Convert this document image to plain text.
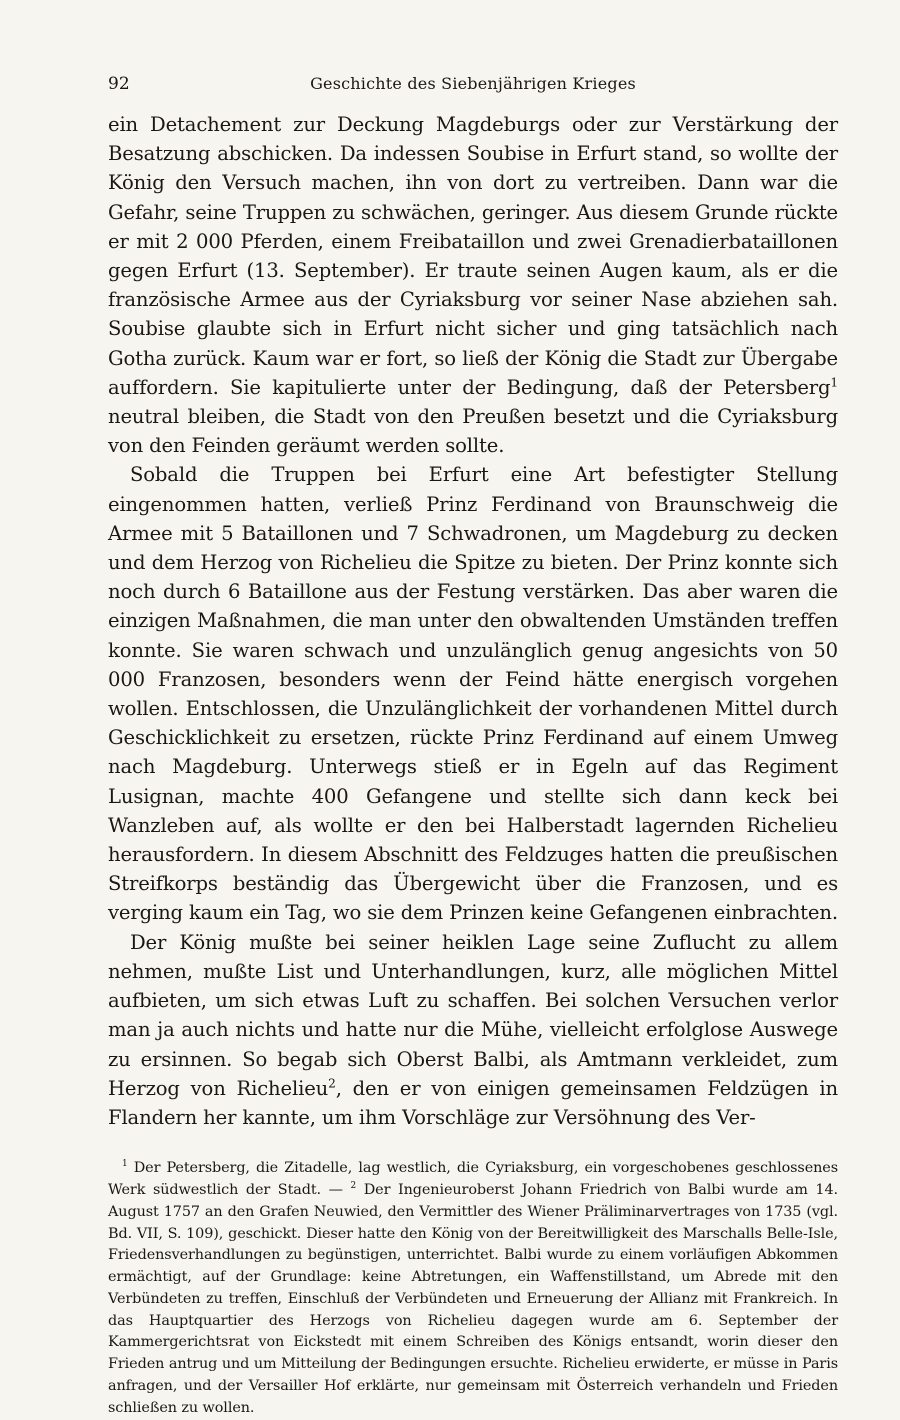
92	Geschichte des Siebenjährigen Krieges

ein Detachement zur Deckung Magdeburgs oder zur Verstärkung der Besatzung abschicken. Da indessen Soubise in Erfurt stand, so wollte der König den Versuch machen, ihn von dort zu vertreiben. Dann war die Gefahr, seine Truppen zu schwächen, geringer. Aus diesem Grunde rückte er mit 2 000 Pferden, einem Freibataillon und zwei Grenadierbataillonen gegen Erfurt (13. September). Er traute seinen Augen kaum, als er die französische Armee aus der Cyriaksburg vor seiner Nase abziehen sah. Soubise glaubte sich in Erfurt nicht sicher und ging tatsächlich nach Gotha zurück. Kaum war er fort, so ließ der König die Stadt zur Übergabe auffordern. Sie kapitulierte unter der Bedingung, daß der Petersberg$^1$ neutral bleiben, die Stadt von den Preußen besetzt und die Cyriaksburg von den Feinden geräumt werden sollte.

Sobald die Truppen bei Erfurt eine Art befestigter Stellung eingenommen hatten, verließ Prinz Ferdinand von Braunschweig die Armee mit 5 Bataillonen und 7 Schwadronen, um Magdeburg zu decken und dem Herzog von Richelieu die Spitze zu bieten. Der Prinz konnte sich noch durch 6 Bataillone aus der Festung verstärken. Das aber waren die einzigen Maßnahmen, die man unter den obwaltenden Umständen treffen konnte. Sie waren schwach und unzulänglich genug angesichts von 50 000 Franzosen, besonders wenn der Feind hätte energisch vorgehen wollen. Entschlossen, die Unzulänglichkeit der vorhandenen Mittel durch Geschicklichkeit zu ersetzen, rückte Prinz Ferdinand auf einem Umweg nach Magdeburg. Unterwegs stieß er in Egeln auf das Regiment Lusignan, machte 400 Gefangene und stellte sich dann keck bei Wanzleben auf, als wollte er den bei Halberstadt lagernden Richelieu herausfordern. In diesem Abschnitt des Feldzuges hatten die preußischen Streifkorps beständig das Übergewicht über die Franzosen, und es verging kaum ein Tag, wo sie dem Prinzen keine Gefangenen einbrachten.

Der König mußte bei seiner heiklen Lage seine Zuflucht zu allem nehmen, mußte List und Unterhandlungen, kurz, alle möglichen Mittel aufbieten, um sich etwas Luft zu schaffen. Bei solchen Versuchen verlor man ja auch nichts und hatte nur die Mühe, vielleicht erfolglose Auswege zu ersinnen. So begab sich Oberst Balbi, als Amtmann verkleidet, zum Herzog von Richelieu$^2$, den er von einigen gemeinsamen Feldzügen in Flandern her kannte, um ihm Vorschläge zur Versöhnung des Ver-

$^1$ Der Petersberg, die Zitadelle, lag westlich, die Cyriaksburg, ein vorgeschobenes geschlossenes Werk südwestlich der Stadt. — $^2$ Der Ingenieuroberst Johann Friedrich von Balbi wurde am 14. August 1757 an den Grafen Neuwied, den Vermittler des Wiener Präliminarvertrages von 1735 (vgl. Bd. VII, S. 109), geschickt. Dieser hatte den König von der Bereitwilligkeit des Marschalls Belle-Isle, Friedensverhandlungen zu begünstigen, unterrichtet. Balbi wurde zu einem vorläufigen Abkommen ermächtigt, auf der Grundlage: keine Abtretungen, ein Waffenstillstand, um Abrede mit den Verbündeten zu treffen, Einschluß der Verbündeten und Erneuerung der Allianz mit Frankreich. In das Hauptquartier des Herzogs von Richelieu dagegen wurde am 6. September der Kammergerichtsrat von Eickstedt mit einem Schreiben des Königs entsandt, worin dieser den Frieden antrug und um Mitteilung der Bedingungen ersuchte. Richelieu erwiderte, er müsse in Paris anfragen, und der Versailler Hof erklärte, nur gemeinsam mit Österreich verhandeln und Frieden schließen zu wollen.
